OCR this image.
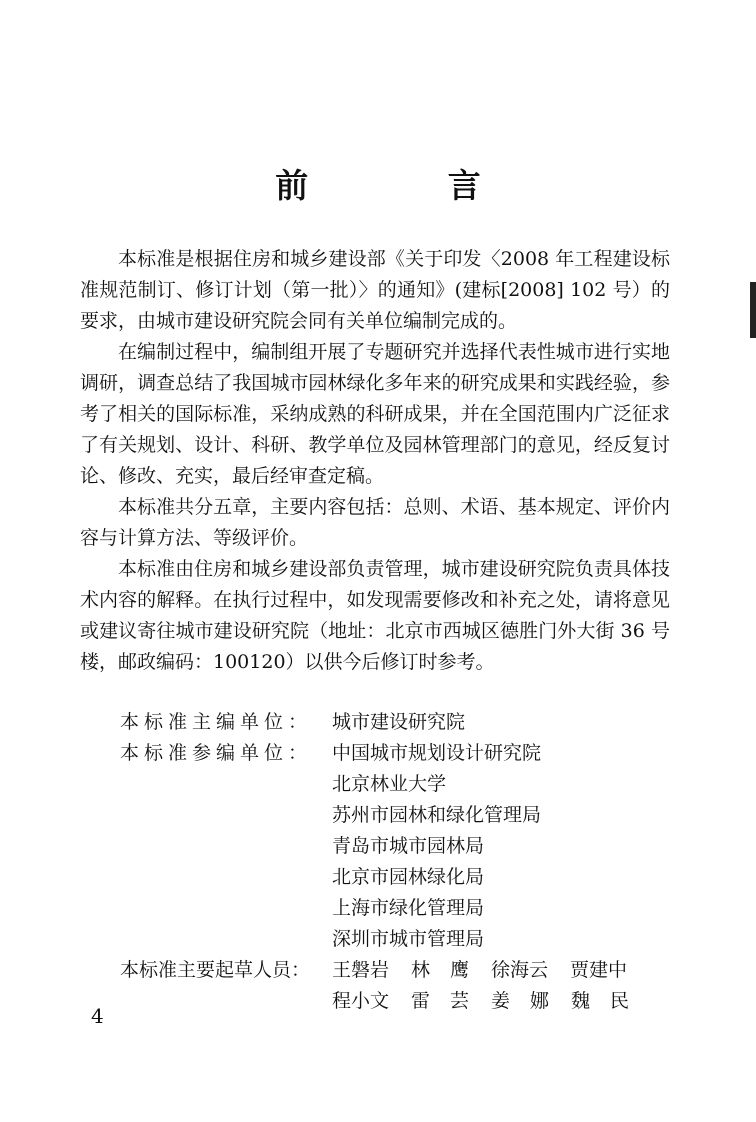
前 言

本标准是根据住房和城乡建设部《关于印发〈2008 年工程建设标准规范制订、修订计划（第一批）〉的通知》(建标[2008] 102 号）的要求，由城市建设研究院会同有关单位编制完成的。

在编制过程中，编制组开展了专题研究并选择代表性城市进行实地调研，调查总结了我国城市园林绿化多年来的研究成果和实践经验，参考了相关的国际标准，采纳成熟的科研成果，并在全国范围内广泛征求了有关规划、设计、科研、教学单位及园林管理部门的意见，经反复讨论、修改、充实，最后经审查定稿。

本标准共分五章，主要内容包括：总则、术语、基本规定、评价内容与计算方法、等级评价。

本标准由住房和城乡建设部负责管理，城市建设研究院负责具体技术内容的解释。在执行过程中，如发现需要修改和补充之处，请将意见或建议寄往城市建设研究院（地址：北京市西城区德胜门外大街 36 号楼，邮政编码：100120）以供今后修订时参考。

本标准主编单位：	城市建设研究院
本标准参编单位：	中国城市规划设计研究院
北京林业大学
苏州市园林和绿化管理局
青岛市城市园林局
北京市园林绿化局
上海市绿化管理局
深圳市城市管理局
本标准主要起草人员：	王磐岩 林鹰 徐海云 贾建中
程小文 雷芸 姜娜 魏民
4
